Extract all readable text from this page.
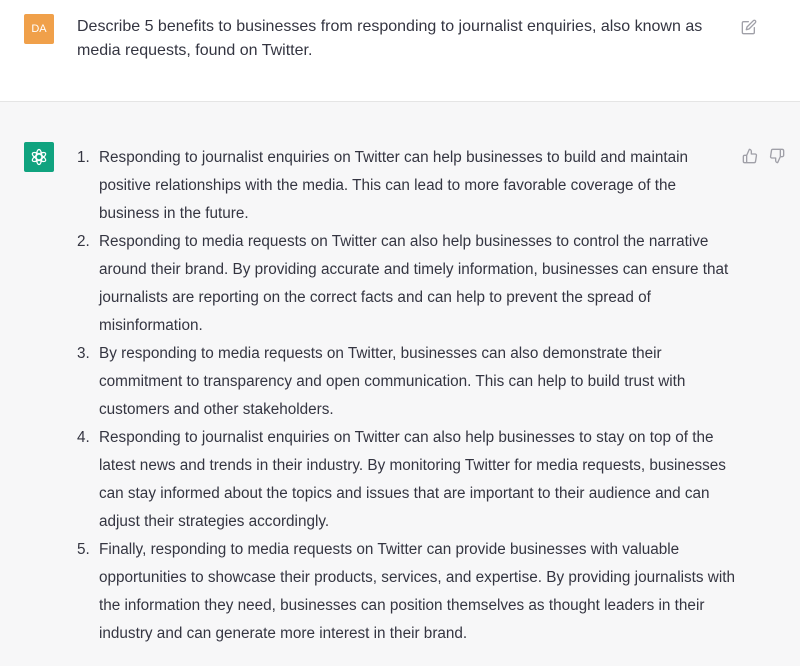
DA	Describe 5 benefits to businesses from responding to journalist enquiries, also known as media requests, found on Twitter.
1. Responding to journalist enquiries on Twitter can help businesses to build and maintain positive relationships with the media. This can lead to more favorable coverage of the business in the future.
2. Responding to media requests on Twitter can also help businesses to control the narrative around their brand. By providing accurate and timely information, businesses can ensure that journalists are reporting on the correct facts and can help to prevent the spread of misinformation.
3. By responding to media requests on Twitter, businesses can also demonstrate their commitment to transparency and open communication. This can help to build trust with customers and other stakeholders.
4. Responding to journalist enquiries on Twitter can also help businesses to stay on top of the latest news and trends in their industry. By monitoring Twitter for media requests, businesses can stay informed about the topics and issues that are important to their audience and can adjust their strategies accordingly.
5. Finally, responding to media requests on Twitter can provide businesses with valuable opportunities to showcase their products, services, and expertise. By providing journalists with the information they need, businesses can position themselves as thought leaders in their industry and can generate more interest in their brand.
